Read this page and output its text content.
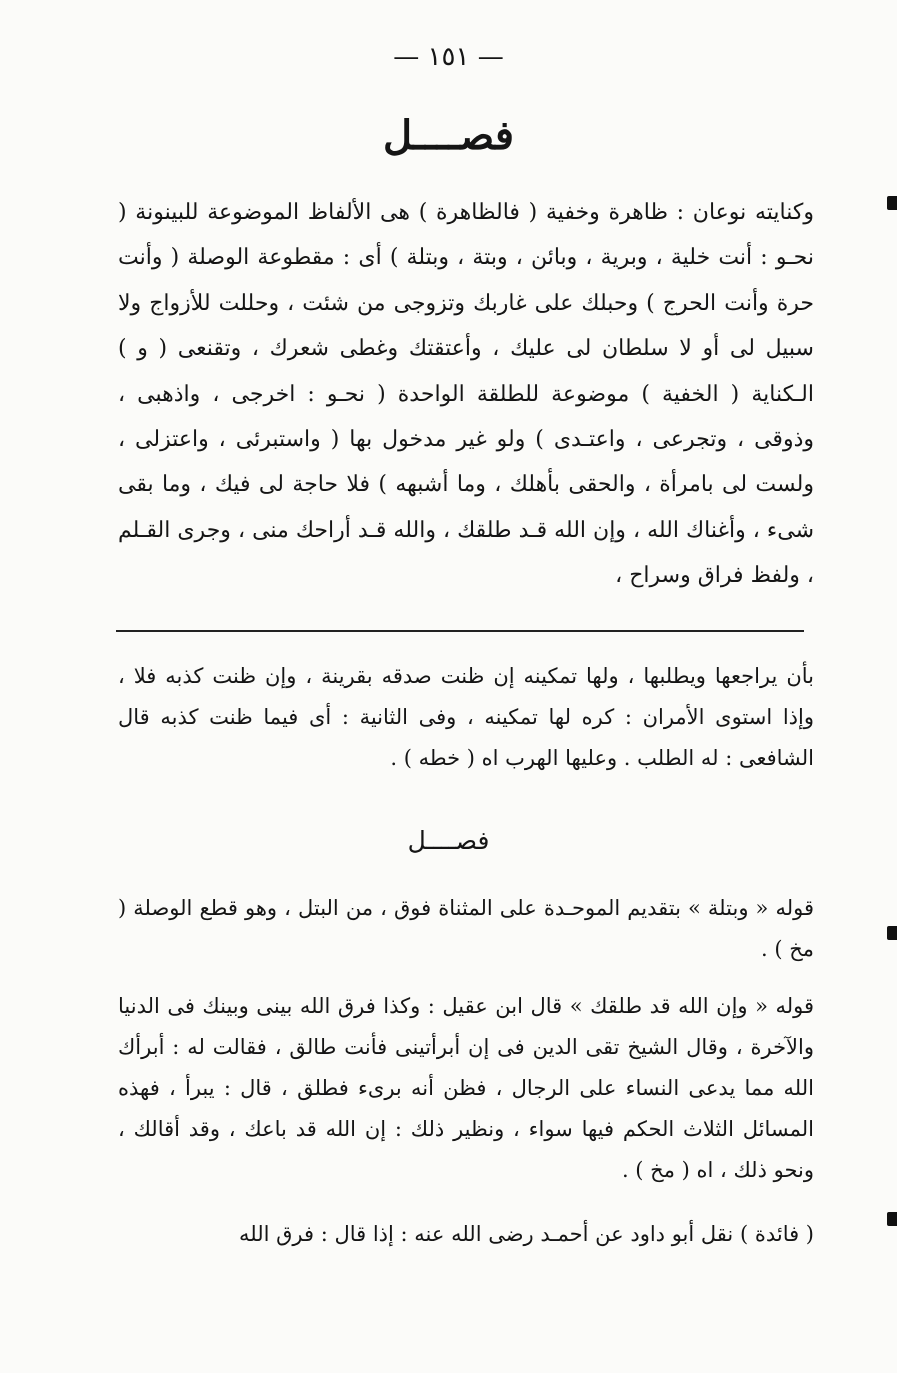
— ١٥١ —
فصــــل
وكنايته نوعان : ظاهرة وخفية ( فالظاهرة ) هى الألفاظ الموضوعة للبينونة ( نحـو : أنت خلية ، وبرية ، وبائن ، وبتة ، وبتلة ) أى : مقطوعة الوصلة ( وأنت حرة وأنت الحرج ) وحبلك على غاربك وتزوجى من شئت ، وحللت للأزواج ولا سبيل لى أو لا سلطان لى عليك ، وأعتقتك وغطى شعرك ، وتقنعى ( و ) الـكناية ( الخفية ) موضوعة للطلقة الواحدة ( نحـو : اخرجى ، واذهبى ، وذوقى ، وتجرعى ، واعتـدى ) ولو غير مدخول بها ( واستبرئى ، واعتزلى ، ولست لى بامرأة ، والحقى بأهلك ، وما أشبهه ) فلا حاجة لى فيك ، وما بقى شىء ، وأغناك الله ، وإن الله قـد طلقك ، والله قـد أراحك منى ، وجرى القـلم ، ولفظ فراق وسراح ،
بأن يراجعها ويطلبها ، ولها تمكينه إن ظنت صدقه بقرينة ، وإن ظنت كذبه فلا ، وإذا استوى الأمران : كره لها تمكينه ، وفى الثانية : أى فيما ظنت كذبه قال الشافعى : له الطلب . وعليها الهرب اه ( خطه ) .
فصــــل
قوله « وبتلة » بتقديم الموحـدة على المثناة فوق ، من البتل ، وهو قطع الوصلة ( مخ ) .
قوله « وإن الله قد طلقك » قال ابن عقيل : وكذا فرق الله بينى وبينك فى الدنيا والآخرة ، وقال الشيخ تقى الدين فى إن أبرأتينى فأنت طالق ، فقالت له : أبرأك الله مما يدعى النساء على الرجال ، فظن أنه برىء فطلق ، قال : يبرأ ، فهذه المسائل الثلاث الحكم فيها سواء ، ونظير ذلك : إن الله قد باعك ، وقد أقالك ، ونحو ذلك ، اه ( مخ ) .
( فائدة ) نقل أبو داود عن أحمـد رضى الله عنه : إذا قال : فرق الله
